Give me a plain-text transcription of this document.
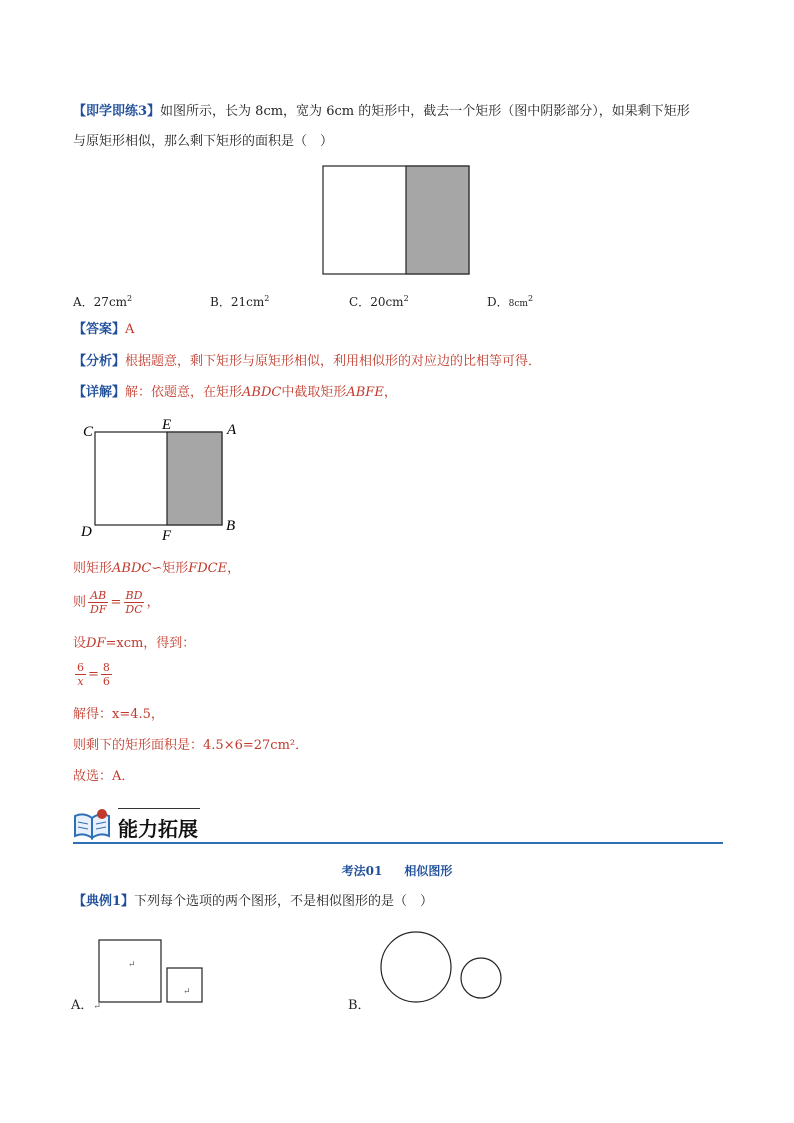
【即学即练3】如图所示，长为 8cm，宽为 6cm 的矩形中，截去一个矩形（图中阴影部分），如果剩下矩形
与原矩形相似，那么剩下矩形的面积是（　）
A．$27cm^2$	B．$21cm^2$	C．$20cm^2$	D．$8cm^2$
【答案】A
【分析】根据题意，剩下矩形与原矩形相似，利用相似形的对应边的比相等可得．
【详解】解：依题意，在矩形ABDC中截取矩形ABFE，
C	E	A
D	F
B
则矩形ABDC∽矩形FDCE，
则 $\frac{AB}{DF} = \frac{BD}{DC}$ ，
设DF=xcm，得到：
$\frac{6}{x} = \frac{8}{6}$
解得：x=4.5，
则剩下的矩形面积是：4.5×6=27cm²．
故选：A．
能力拓展
考法01 相似图形
【典例1】下列每个选项的两个图形，不是相似图形的是（　）
A．↵
↵
↵
B．
